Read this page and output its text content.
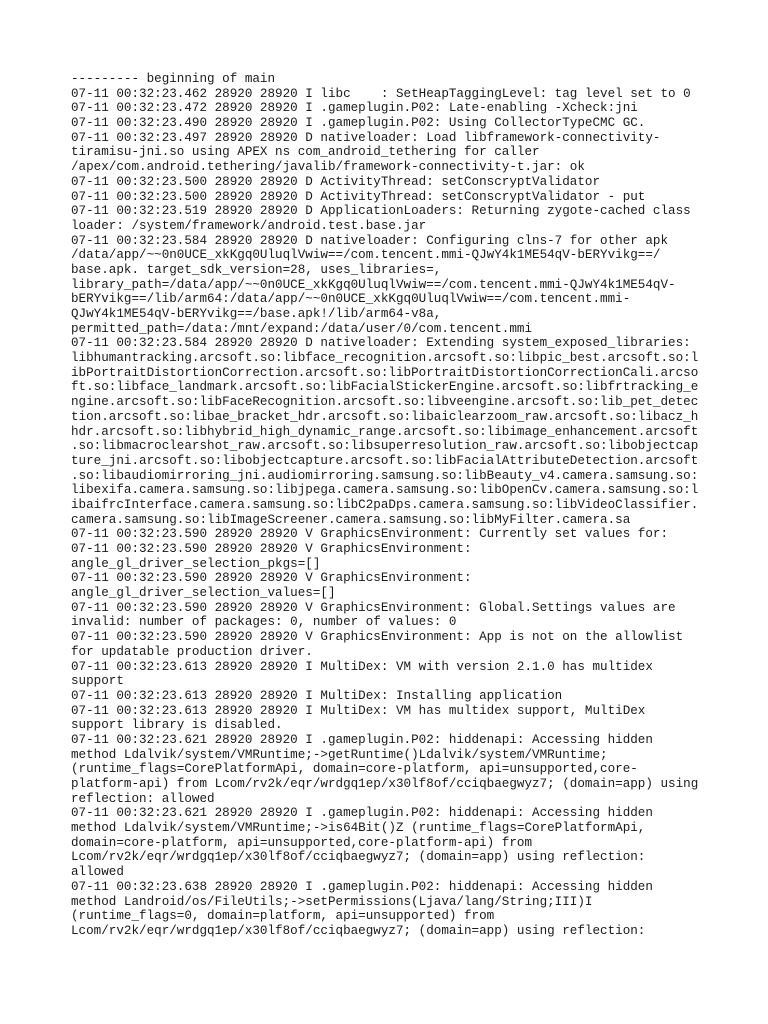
--------- beginning of main
07-11 00:32:23.462 28920 28920 I libc    : SetHeapTaggingLevel: tag level set to 0
07-11 00:32:23.472 28920 28920 I .gameplugin.P02: Late-enabling -Xcheck:jni
07-11 00:32:23.490 28920 28920 I .gameplugin.P02: Using CollectorTypeCMC GC.
07-11 00:32:23.497 28920 28920 D nativeloader: Load libframework-connectivity-
tiramisu-jni.so using APEX ns com_android_tethering for caller
/apex/com.android.tethering/javalib/framework-connectivity-t.jar: ok
07-11 00:32:23.500 28920 28920 D ActivityThread: setConscryptValidator
07-11 00:32:23.500 28920 28920 D ActivityThread: setConscryptValidator - put
07-11 00:32:23.519 28920 28920 D ApplicationLoaders: Returning zygote-cached class
loader: /system/framework/android.test.base.jar
07-11 00:32:23.584 28920 28920 D nativeloader: Configuring clns-7 for other apk
/data/app/~~0n0UCE_xkKgq0UluqlVwiw==/com.tencent.mmi-QJwY4k1ME54qV-bERYvikg==/
base.apk. target_sdk_version=28, uses_libraries=,
library_path=/data/app/~~0n0UCE_xkKgq0UluqlVwiw==/com.tencent.mmi-QJwY4k1ME54qV-
bERYvikg==/lib/arm64:/data/app/~~0n0UCE_xkKgq0UluqlVwiw==/com.tencent.mmi-
QJwY4k1ME54qV-bERYvikg==/base.apk!/lib/arm64-v8a,
permitted_path=/data:/mnt/expand:/data/user/0/com.tencent.mmi
07-11 00:32:23.584 28920 28920 D nativeloader: Extending system_exposed_libraries:
libhumantracking.arcsoft.so:libface_recognition.arcsoft.so:libpic_best.arcsoft.so:l
ibPortraitDistortionCorrection.arcsoft.so:libPortraitDistortionCorrectionCali.arcso
ft.so:libface_landmark.arcsoft.so:libFacialStickerEngine.arcsoft.so:libfrtracking_e
ngine.arcsoft.so:libFaceRecognition.arcsoft.so:libveengine.arcsoft.so:lib_pet_detec
tion.arcsoft.so:libae_bracket_hdr.arcsoft.so:libaiclearzoom_raw.arcsoft.so:libacz_h
hdr.arcsoft.so:libhybrid_high_dynamic_range.arcsoft.so:libimage_enhancement.arcsoft
.so:libmacroclearshot_raw.arcsoft.so:libsuperresolution_raw.arcsoft.so:libobjectcap
ture_jni.arcsoft.so:libobjectcapture.arcsoft.so:libFacialAttributeDetection.arcsoft
.so:libaudiomirroring_jni.audiomirroring.samsung.so:libBeauty_v4.camera.samsung.so:
libexifa.camera.samsung.so:libjpega.camera.samsung.so:libOpenCv.camera.samsung.so:l
ibaifrcInterface.camera.samsung.so:libC2paDps.camera.samsung.so:libVideoClassifier.
camera.samsung.so:libImageScreener.camera.samsung.so:libMyFilter.camera.sa
07-11 00:32:23.590 28920 28920 V GraphicsEnvironment: Currently set values for:
07-11 00:32:23.590 28920 28920 V GraphicsEnvironment:
angle_gl_driver_selection_pkgs=[]
07-11 00:32:23.590 28920 28920 V GraphicsEnvironment:
angle_gl_driver_selection_values=[]
07-11 00:32:23.590 28920 28920 V GraphicsEnvironment: Global.Settings values are
invalid: number of packages: 0, number of values: 0
07-11 00:32:23.590 28920 28920 V GraphicsEnvironment: App is not on the allowlist
for updatable production driver.
07-11 00:32:23.613 28920 28920 I MultiDex: VM with version 2.1.0 has multidex
support
07-11 00:32:23.613 28920 28920 I MultiDex: Installing application
07-11 00:32:23.613 28920 28920 I MultiDex: VM has multidex support, MultiDex
support library is disabled.
07-11 00:32:23.621 28920 28920 I .gameplugin.P02: hiddenapi: Accessing hidden
method Ldalvik/system/VMRuntime;->getRuntime()Ldalvik/system/VMRuntime;
(runtime_flags=CorePlatformApi, domain=core-platform, api=unsupported,core-
platform-api) from Lcom/rv2k/eqr/wrdgq1ep/x30lf8of/cciqbaegwyz7; (domain=app) using
reflection: allowed
07-11 00:32:23.621 28920 28920 I .gameplugin.P02: hiddenapi: Accessing hidden
method Ldalvik/system/VMRuntime;->is64Bit()Z (runtime_flags=CorePlatformApi,
domain=core-platform, api=unsupported,core-platform-api) from
Lcom/rv2k/eqr/wrdgq1ep/x30lf8of/cciqbaegwyz7; (domain=app) using reflection:
allowed
07-11 00:32:23.638 28920 28920 I .gameplugin.P02: hiddenapi: Accessing hidden
method Landroid/os/FileUtils;->setPermissions(Ljava/lang/String;III)I
(runtime_flags=0, domain=platform, api=unsupported) from
Lcom/rv2k/eqr/wrdgq1ep/x30lf8of/cciqbaegwyz7; (domain=app) using reflection:
